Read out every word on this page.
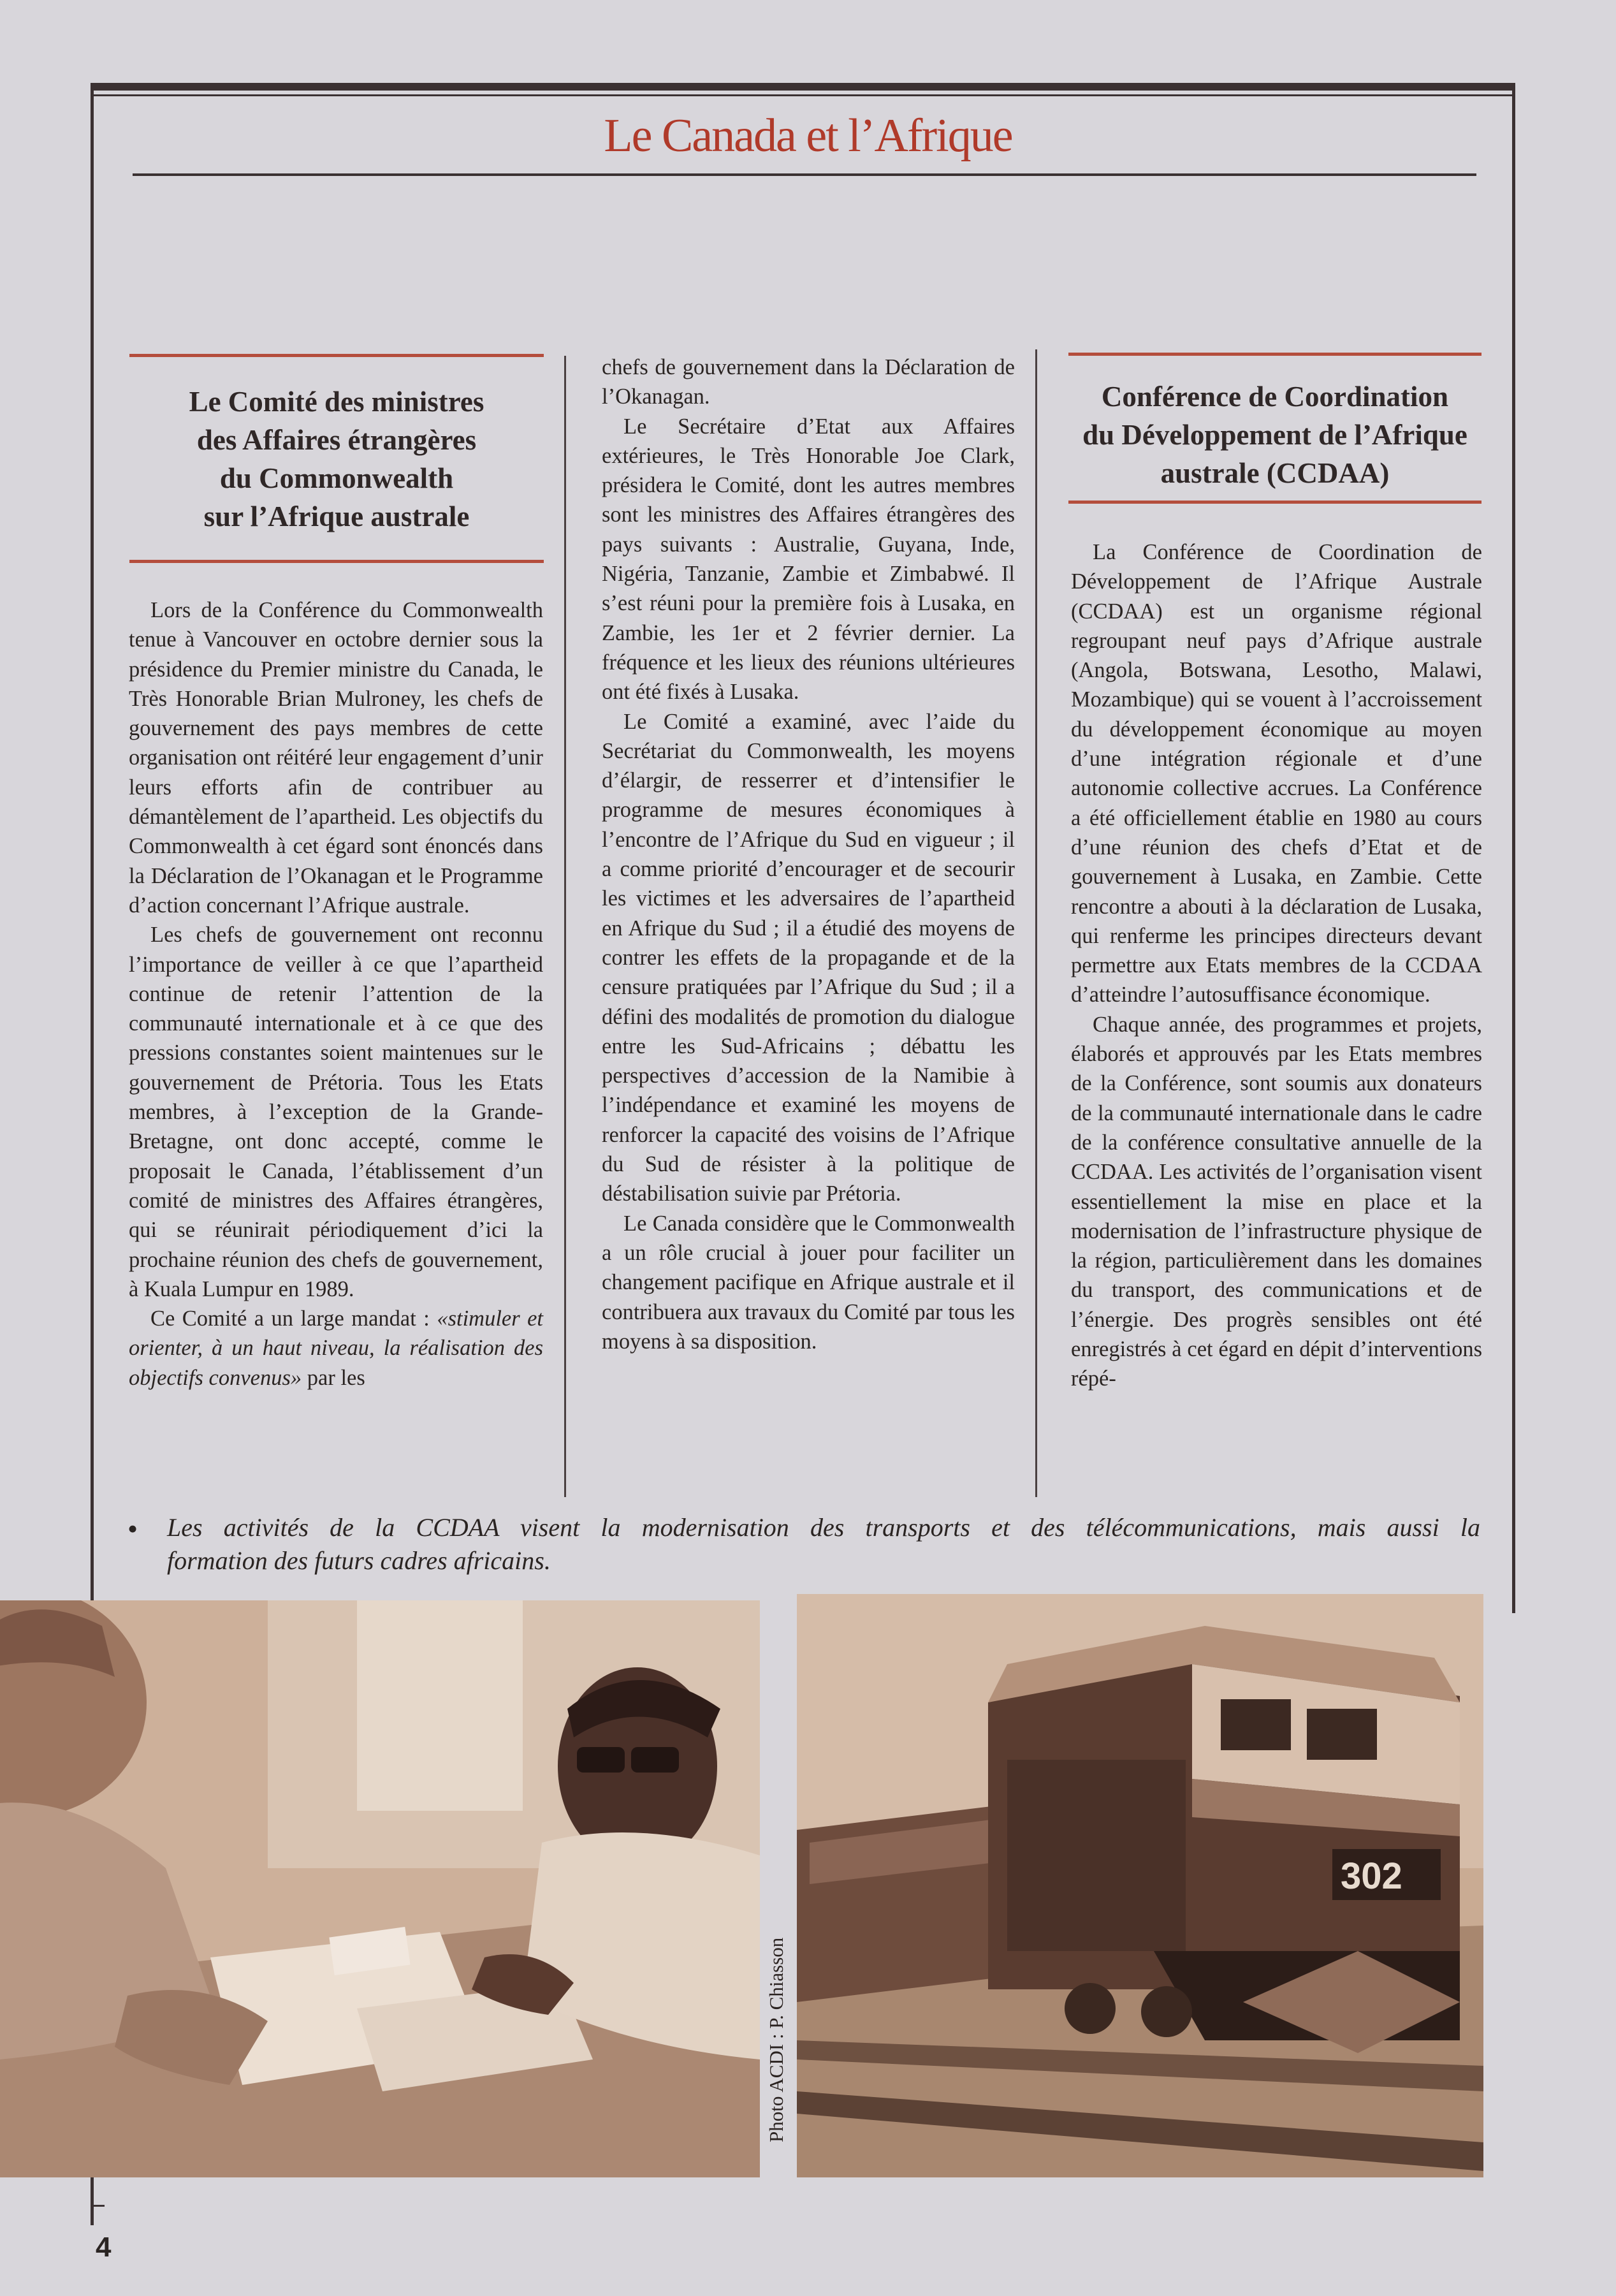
Le Canada et l’Afrique
Le Comité des ministres
des Affaires étrangères
du Commonwealth
sur l’Afrique australe

Lors de la Conférence du Commonwealth tenue à Vancouver en octobre dernier sous la présidence du Premier ministre du Canada, le Très Honorable Brian Mulroney, les chefs de gouvernement des pays membres de cette organisation ont réitéré leur engagement d’unir leurs efforts afin de contribuer au démantèlement de l’apartheid. Les objectifs du Commonwealth à cet égard sont énoncés dans la Déclaration de l’Okanagan et le Programme d’action concernant l’Afrique australe.

Les chefs de gouvernement ont reconnu l’importance de veiller à ce que l’apartheid continue de retenir l’attention de la communauté internationale et à ce que des pressions constantes soient maintenues sur le gouvernement de Prétoria. Tous les Etats membres, à l’exception de la Grande-Bretagne, ont donc accepté, comme le proposait le Canada, l’établissement d’un comité de ministres des Affaires étrangères, qui se réunirait périodiquement d’ici la prochaine réunion des chefs de gouvernement, à Kuala Lumpur en 1989.

Ce Comité a un large mandat : «stimuler et orienter, à un haut niveau, la réalisation des objectifs convenus» par les

chefs de gouvernement dans la Déclaration de l’Okanagan.

Le Secrétaire d’Etat aux Affaires extérieures, le Très Honorable Joe Clark, présidera le Comité, dont les autres membres sont les ministres des Affaires étrangères des pays suivants : Australie, Guyana, Inde, Nigéria, Tanzanie, Zambie et Zimbabwé. Il s’est réuni pour la première fois à Lusaka, en Zambie, les 1er et 2 février dernier. La fréquence et les lieux des réunions ultérieures ont été fixés à Lusaka.

Le Comité a examiné, avec l’aide du Secrétariat du Commonwealth, les moyens d’élargir, de resserrer et d’intensifier le programme de mesures économiques à l’encontre de l’Afrique du Sud en vigueur ; il a comme priorité d’encourager et de secourir les victimes et les adversaires de l’apartheid en Afrique du Sud ; il a étudié des moyens de contrer les effets de la propagande et de la censure pratiquées par l’Afrique du Sud ; il a défini des modalités de promotion du dialogue entre les Sud-Africains ; débattu les perspectives d’accession de la Namibie à l’indépendance et examiné les moyens de renforcer la capacité des voisins de l’Afrique du Sud de résister à la politique de déstabilisation suivie par Prétoria.

Le Canada considère que le Commonwealth a un rôle crucial à jouer pour faciliter un changement pacifique en Afrique australe et il contribuera aux travaux du Comité par tous les moyens à sa disposition.

Conférence de Coordination
du Développement de l’Afrique
australe (CCDAA)

La Conférence de Coordination de Développement de l’Afrique Australe (CCDAA) est un organisme régional regroupant neuf pays d’Afrique australe (Angola, Botswana, Lesotho, Malawi, Mozambique) qui se vouent à l’accroissement du développement économique au moyen d’une intégration régionale et d’une autonomie collective accrues. La Conférence a été officiellement établie en 1980 au cours d’une réunion des chefs d’Etat et de gouvernement à Lusaka, en Zambie. Cette rencontre a abouti à la déclaration de Lusaka, qui renferme les principes directeurs devant permettre aux Etats membres de la CCDAA d’atteindre l’autosuffisance économique.

Chaque année, des programmes et projets, élaborés et approuvés par les Etats membres de la Conférence, sont soumis aux donateurs de la communauté internationale dans le cadre de la conférence consultative annuelle de la CCDAA. Les activités de l’organisation visent essentiellement la mise en place et la modernisation de l’infrastructure physique de la région, particulièrement dans les domaines du transport, des communications et de l’énergie. Des progrès sensibles ont été enregistrés à cet égard en dépit d’interventions répé-

• Les activités de la CCDAA visent la modernisation des transports et des télécommunications, mais aussi la
formation des futurs cadres africains.
Photo ACDI : P. Chiasson
302
4
